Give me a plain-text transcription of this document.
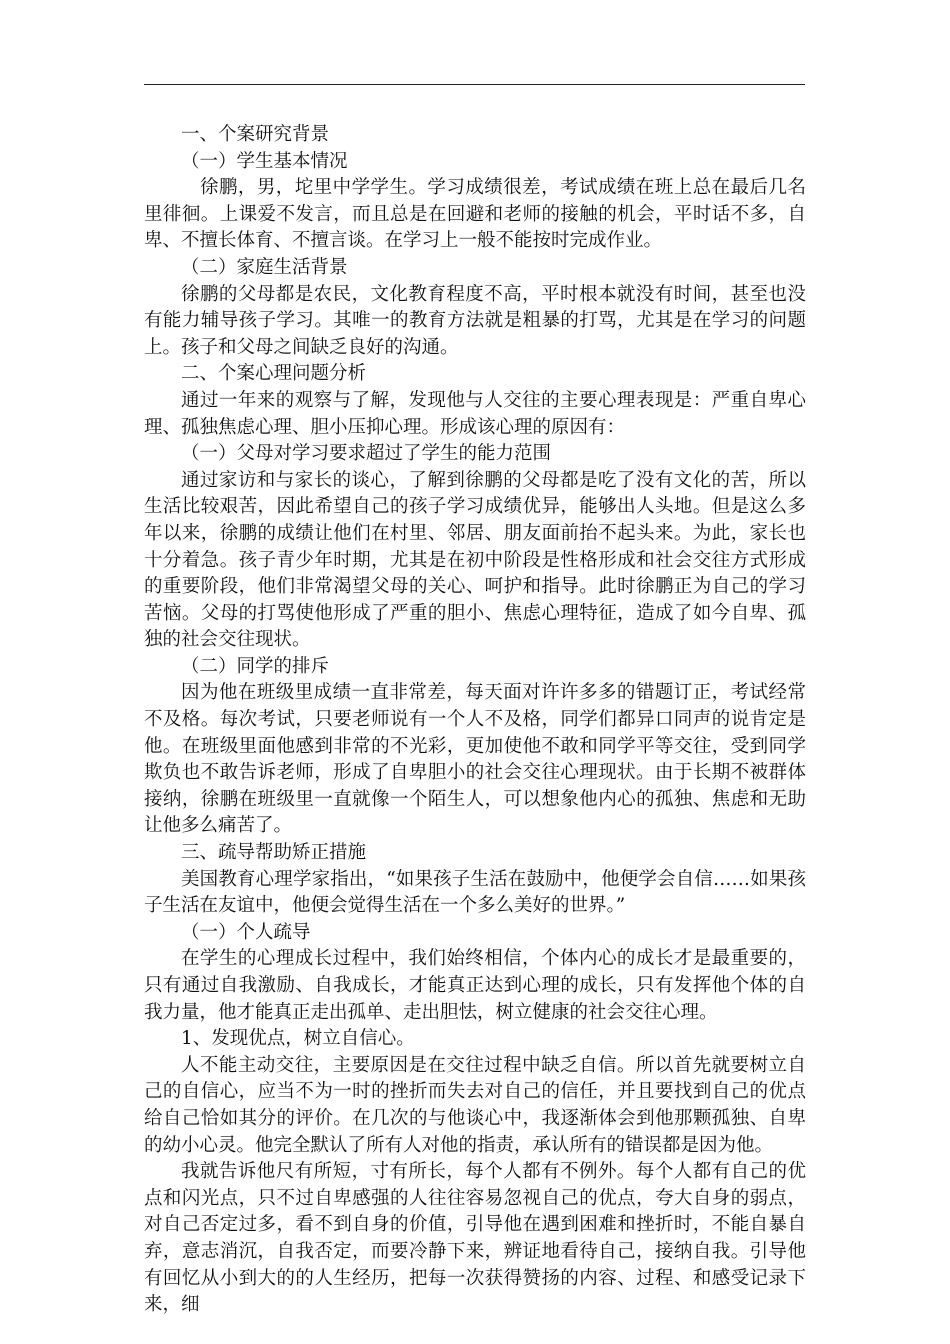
一、个案研究背景

（一）学生基本情况

徐鹏，男，坨里中学学生。学习成绩很差，考试成绩在班上总在最后几名里徘徊。上课爱不发言，而且总是在回避和老师的接触的机会，平时话不多，自卑、不擅长体育、不擅言谈。在学习上一般不能按时完成作业。

（二）家庭生活背景

徐鹏的父母都是农民，文化教育程度不高，平时根本就没有时间，甚至也没有能力辅导孩子学习。其唯一的教育方法就是粗暴的打骂，尤其是在学习的问题上。孩子和父母之间缺乏良好的沟通。

二、个案心理问题分析

通过一年来的观察与了解，发现他与人交往的主要心理表现是：严重自卑心理、孤独焦虑心理、胆小压抑心理。形成该心理的原因有：

（一）父母对学习要求超过了学生的能力范围

通过家访和与家长的谈心，了解到徐鹏的父母都是吃了没有文化的苦，所以生活比较艰苦，因此希望自己的孩子学习成绩优异，能够出人头地。但是这么多年以来，徐鹏的成绩让他们在村里、邻居、朋友面前抬不起头来。为此，家长也十分着急。孩子青少年时期，尤其是在初中阶段是性格形成和社会交往方式形成的重要阶段，他们非常渴望父母的关心、呵护和指导。此时徐鹏正为自己的学习苦恼。父母的打骂使他形成了严重的胆小、焦虑心理特征，造成了如今自卑、孤独的社会交往现状。

（二）同学的排斥

因为他在班级里成绩一直非常差，每天面对许许多多的错题订正，考试经常不及格。每次考试，只要老师说有一个人不及格，同学们都异口同声的说肯定是他。在班级里面他感到非常的不光彩，更加使他不敢和同学平等交往，受到同学欺负也不敢告诉老师，形成了自卑胆小的社会交往心理现状。由于长期不被群体接纳，徐鹏在班级里一直就像一个陌生人，可以想象他内心的孤独、焦虑和无助让他多么痛苦了。

三、疏导帮助矫正措施

美国教育心理学家指出，“如果孩子生活在鼓励中，他便学会自信……如果孩子生活在友谊中，他便会觉得生活在一个多么美好的世界。”

（一）个人疏导

在学生的心理成长过程中，我们始终相信，个体内心的成长才是最重要的，只有通过自我激励、自我成长，才能真正达到心理的成长，只有发挥他个体的自我力量，他才能真正走出孤单、走出胆怯，树立健康的社会交往心理。

1、发现优点，树立自信心。

人不能主动交往，主要原因是在交往过程中缺乏自信。所以首先就要树立自己的自信心，应当不为一时的挫折而失去对自己的信任，并且要找到自己的优点给自己恰如其分的评价。在几次的与他谈心中，我逐渐体会到他那颗孤独、自卑的幼小心灵。他完全默认了所有人对他的指责，承认所有的错误都是因为他。

我就告诉他尺有所短，寸有所长，每个人都有不例外。每个人都有自己的优点和闪光点，只不过自卑感强的人往往容易忽视自己的优点，夸大自身的弱点，对自己否定过多，看不到自身的价值，引导他在遇到困难和挫折时，不能自暴自弃，意志消沉，自我否定，而要冷静下来，辨证地看待自己，接纳自我。引导他有回忆从小到大的的人生经历，把每一次获得赞扬的内容、过程、和感受记录下来，细
